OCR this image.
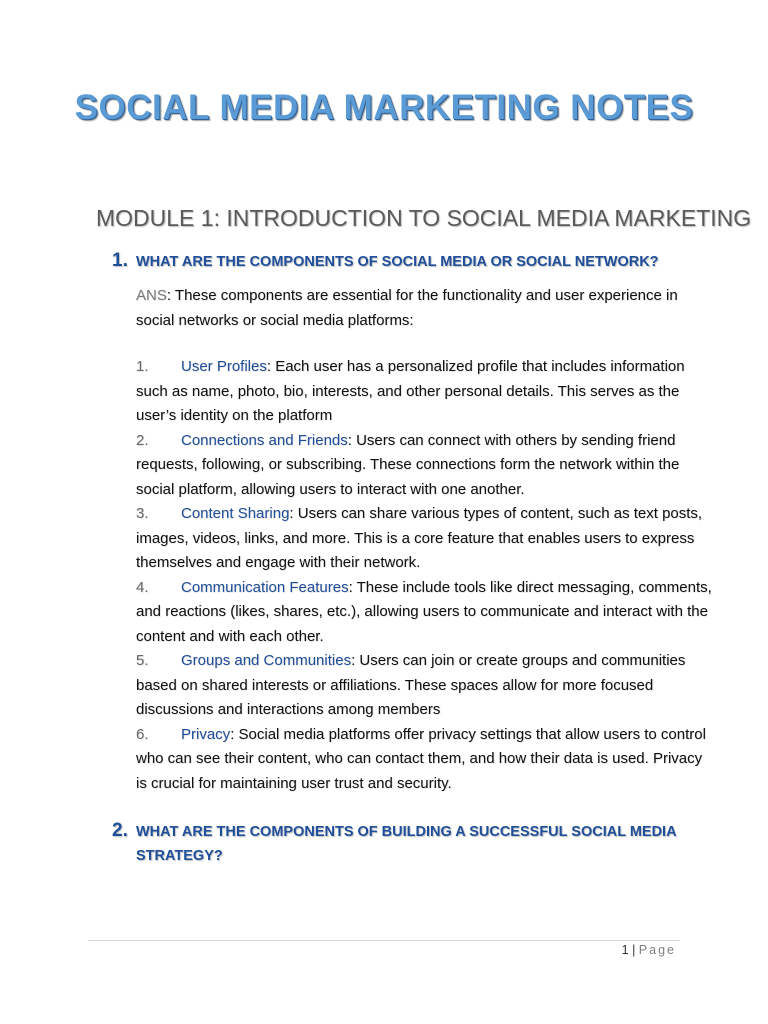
SOCIAL MEDIA MARKETING NOTES
MODULE 1: INTRODUCTION TO SOCIAL MEDIA MARKETING
1. WHAT ARE THE COMPONENTS OF SOCIAL MEDIA OR SOCIAL NETWORK?
ANS: These components are essential for the functionality and user experience in social networks or social media platforms:
1. User Profiles: Each user has a personalized profile that includes information such as name, photo, bio, interests, and other personal details. This serves as the user’s identity on the platform
2. Connections and Friends: Users can connect with others by sending friend requests, following, or subscribing. These connections form the network within the social platform, allowing users to interact with one another.
3. Content Sharing: Users can share various types of content, such as text posts, images, videos, links, and more. This is a core feature that enables users to express themselves and engage with their network.
4. Communication Features: These include tools like direct messaging, comments, and reactions (likes, shares, etc.), allowing users to communicate and interact with the content and with each other.
5. Groups and Communities: Users can join or create groups and communities based on shared interests or affiliations. These spaces allow for more focused discussions and interactions among members
6. Privacy: Social media platforms offer privacy settings that allow users to control who can see their content, who can contact them, and how their data is used. Privacy is crucial for maintaining user trust and security.
2. WHAT ARE THE COMPONENTS OF BUILDING A SUCCESSFUL SOCIAL MEDIA STRATEGY?
1 | Page
